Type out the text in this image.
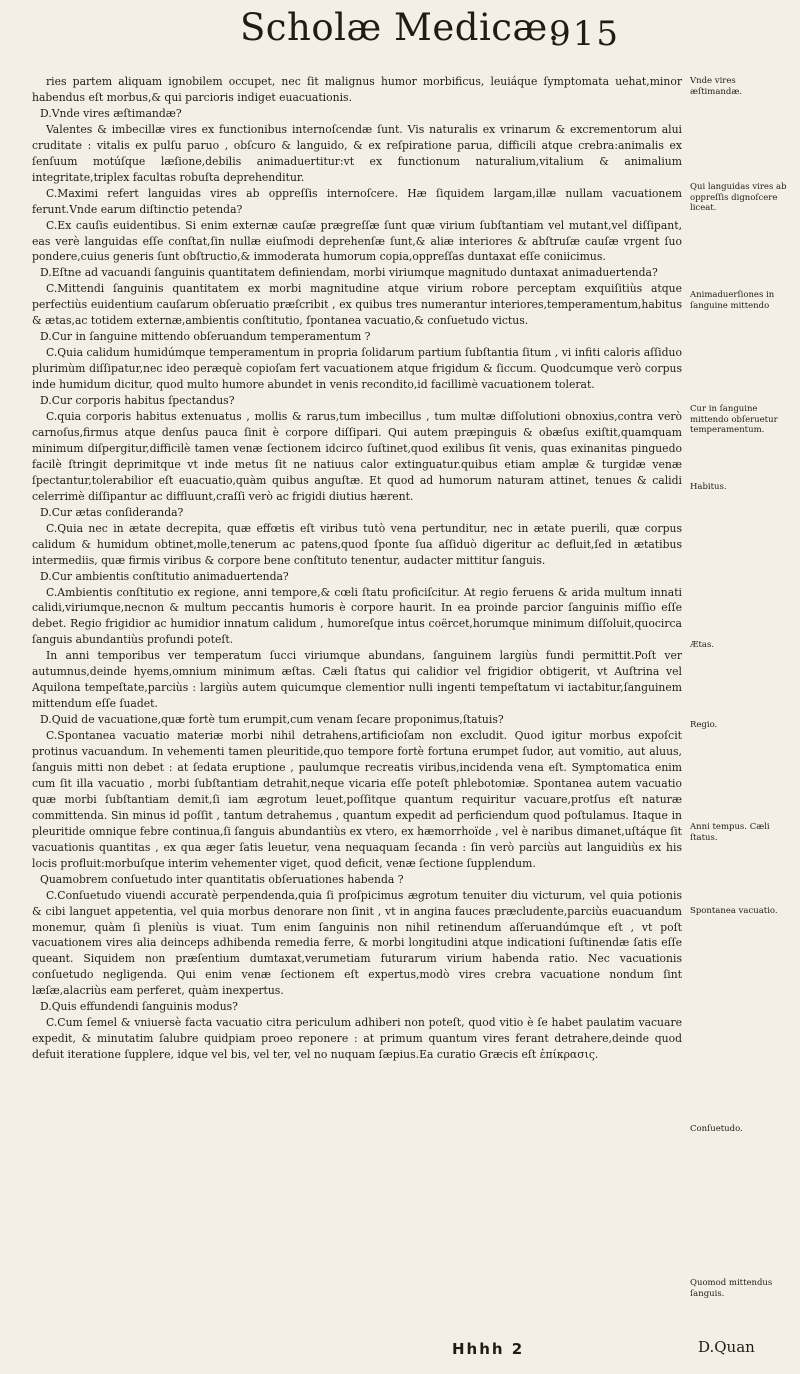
Scholæ Medicæ.
915

ries partem aliquam ignobilem occupet, nec ſit malignus humor morbificus, leuiáque ſymptomata uehat,minor habendus eſt morbus,& qui parcioris indiget euacuationis.

D.Vnde vires æſtimandæ?

Valentes & imbecillæ vires ex functionibus internoſcendæ ſunt. Vis naturalis ex vrinarum & excrementorum alui cruditate : vitalis ex pulſu paruo , obſcuro & languido, & ex reſpiratione parua, difficili atque crebra:animalis ex ſenſuum motúſque læſione,debilis animaduertitur:vt ex functionum naturalium,vitalium & animalium integritate,triplex facultas robuſta deprehenditur.

C.Maximi refert languidas vires ab oppreſſis internoſcere. Hæ ſiquidem largam,illæ nullam vacuationem ferunt.Vnde earum diſtinctio petenda?

C.Ex cauſis euidentibus. Si enim externæ cauſæ prægreſſæ ſunt quæ virium ſubſtantiam vel mutant,vel diſſipant, eas verè languidas eſſe conſtat,ſin nullæ eiuſmodi deprehenſæ ſunt,& aliæ interiores & abſtruſæ cauſæ vrgent ſuo pondere,cuius generis ſunt obſtructio,& immoderata humorum copia,oppreſſas duntaxat eſſe coniicimus.

D.Eſtne ad vacuandi ſanguinis quantitatem definiendam, morbi viriumque magnitudo duntaxat animaduertenda?

C.Mittendi ſanguinis quantitatem ex morbi magnitudine atque virium robore perceptam exquiſitiùs atque perfectiùs euidentium cauſarum obſeruatio præſcribit , ex quibus tres numerantur interiores,temperamentum,habitus & ætas,ac totidem externæ,ambientis conſtitutio, ſpontanea vacuatio,& conſuetudo victus.

D.Cur in ſanguine mittendo obſeruandum temperamentum ?

C.Quia calidum humidúmque temperamentum in propria ſolidarum partium ſubſtantia ſitum , vi infiti caloris aſſiduo plurimùm diſſipatur,nec ideo peræquè copioſam fert vacuationem atque frigidum & ſiccum. Quodcumque verò corpus inde humidum dicitur, quod multo humore abundet in venis recondito,id facillimè vacuationem tolerat.

D.Cur corporis habitus ſpectandus?

C.quia corporis habitus extenuatus , mollis & rarus,tum imbecillus , tum multæ diſſolutioni obnoxius,contra verò carnoſus,firmus atque denſus pauca ſinit è corpore diſſipari. Qui autem præpinguis & obæſus exiſtit,quamquam minimum diſpergitur,difficilè tamen venæ ſectionem idcirco ſuſtinet,quod exilibus ſit venis, quas exinanitas pinguedo facilè ſtringit deprimitque vt inde metus ſit ne natiuus calor extinguatur.quibus etiam amplæ & turgidæ venæ ſpectantur,tolerabilior eſt euacuatio,quàm quibus anguſtæ. Et quod ad humorum naturam attinet, tenues & calidi celerrimè diſſipantur ac diffluunt,craſſi verò ac frigidi diutius hærent.

D.Cur ætas conſideranda?

C.Quia nec in ætate decrepita, quæ effœtis eſt viribus tutò vena pertunditur, nec in ætate puerili, quæ corpus calidum & humidum obtinet,molle,tenerum ac patens,quod ſponte ſua aſſiduò digeritur ac defluit,ſed in ætatibus intermediis, quæ firmis viribus & corpore bene conſtituto tenentur, audacter mittitur ſanguis.

D.Cur ambientis conſtitutio animaduertenda?

C.Ambientis conſtitutio ex regione, anni tempore,& cœli ſtatu proficiſcitur. At regio feruens & arida multum innati calidi,viriumque,necnon & multum peccantis humoris è corpore haurit. In ea proinde parcior ſanguinis miſſio eſſe debet. Regio frigidior ac humidior innatum calidum , humoreſque intus coërcet,horumque minimum diſſoluit,quocirca ſanguis abundantiùs profundi poteſt.

In anni temporibus ver temperatum ſucci viriumque abundans, ſanguinem largiùs fundi permittit.Poſt ver autumnus,deinde hyems,omnium minimum æſtas. Cæli ſtatus qui calidior vel frigidior obtigerit, vt Auſtrina vel Aquilona tempeſtate,parciùs : largiùs autem quicumque clementior nulli ingenti tempeſtatum vi iactabitur,ſanguinem mittendum eſſe ſuadet.

D.Quid de vacuatione,quæ fortè tum erumpit,cum venam ſecare proponimus,ſtatuis?

C.Spontanea vacuatio materiæ morbi nihil detrahens,artificioſam non excludit. Quod igitur morbus expoſcit protinus vacuandum. In vehementi tamen pleuritide,quo tempore fortè fortuna erumpet ſudor, aut vomitio, aut aluus, ſanguis mitti non debet : at ſedata eruptione , paulumque recreatis viribus,incidenda vena eſt. Symptomatica enim cum ſit illa vacuatio , morbi ſubſtantiam detrahit,neque vicaria eſſe poteſt phlebotomiæ. Spontanea autem vacuatio quæ morbi ſubſtantiam demit,ſi iam ægrotum leuet,poſſitque quantum requiritur vacuare,protſus eſt naturæ committenda. Sin minus id poſſit , tantum detrahemus , quantum expedit ad perficiendum quod poſtulamus. Itaque in pleuritide omnique febre continua,ſi ſanguis abundantiùs ex vtero, ex hæmorrhoïde , vel è naribus dimanet,uſtáque ſit vacuationis quantitas , ex qua æger ſatis leuetur, vena nequaquam ſecanda : ſin verò parciùs aut languidiùs ex his locis profluit:morbuſque interim vehementer viget, quod deficit, venæ ſectione ſupplendum.

Quamobrem conſuetudo inter quantitatis obſeruationes habenda ?

C.Conſuetudo viuendi accuratè perpendenda,quia ſi proſpicimus ægrotum tenuiter diu victurum, vel quia potionis & cibi languet appetentia, vel quia morbus denorare non ſinit , vt in angina fauces præcludente,parciùs euacuandum monemur, quàm ſi pleniùs is viuat. Tum enim ſanguinis non nihil retinendum aſſeruandúmque eſt , vt poſt vacuationem vires alia deinceps adhibenda remedia ferre, & morbi longitudini atque indicationi ſuſtinendæ ſatis eſſe queant. Siquidem non præſentium dumtaxat,verumetiam futurarum virium habenda ratio. Nec vacuationis conſuetudo negligenda. Qui enim venæ ſectionem eſt expertus,modò vires crebra vacuatione nondum ſint læſæ,alacriùs eam perferet, quàm inexpertus.

D.Quis effundendi ſanguinis modus?

C.Cum ſemel & vniuersè facta vacuatio citra periculum adhiberi non poteſt, quod vitio è ſe habet paulatim vacuare expedit, & minutatim ſalubre quidpiam proeo reponere : at primum quantum vires ferant detrahere,deinde quod defuit iteratione ſupplere, idque vel bis, vel ter, vel no nuquam ſæpius.Ea curatio Græcis eſt ἐπίκρασις.

Vnde vires æſtimandæ.
Qui languidas vires ab oppreſſis dignoſcere liceat.
Animaduerſiones in ſanguine mittendo
Cur in ſanguine mittendo obſeruetur temperamentum.
Habitus.
Ætas.
Regio.
Anni tempus. Cæli ſtatus.
Spontanea vacuatio.
Conſuetudo.
Quomod mittendus ſanguis.
Hhhh 2	D.Quan
